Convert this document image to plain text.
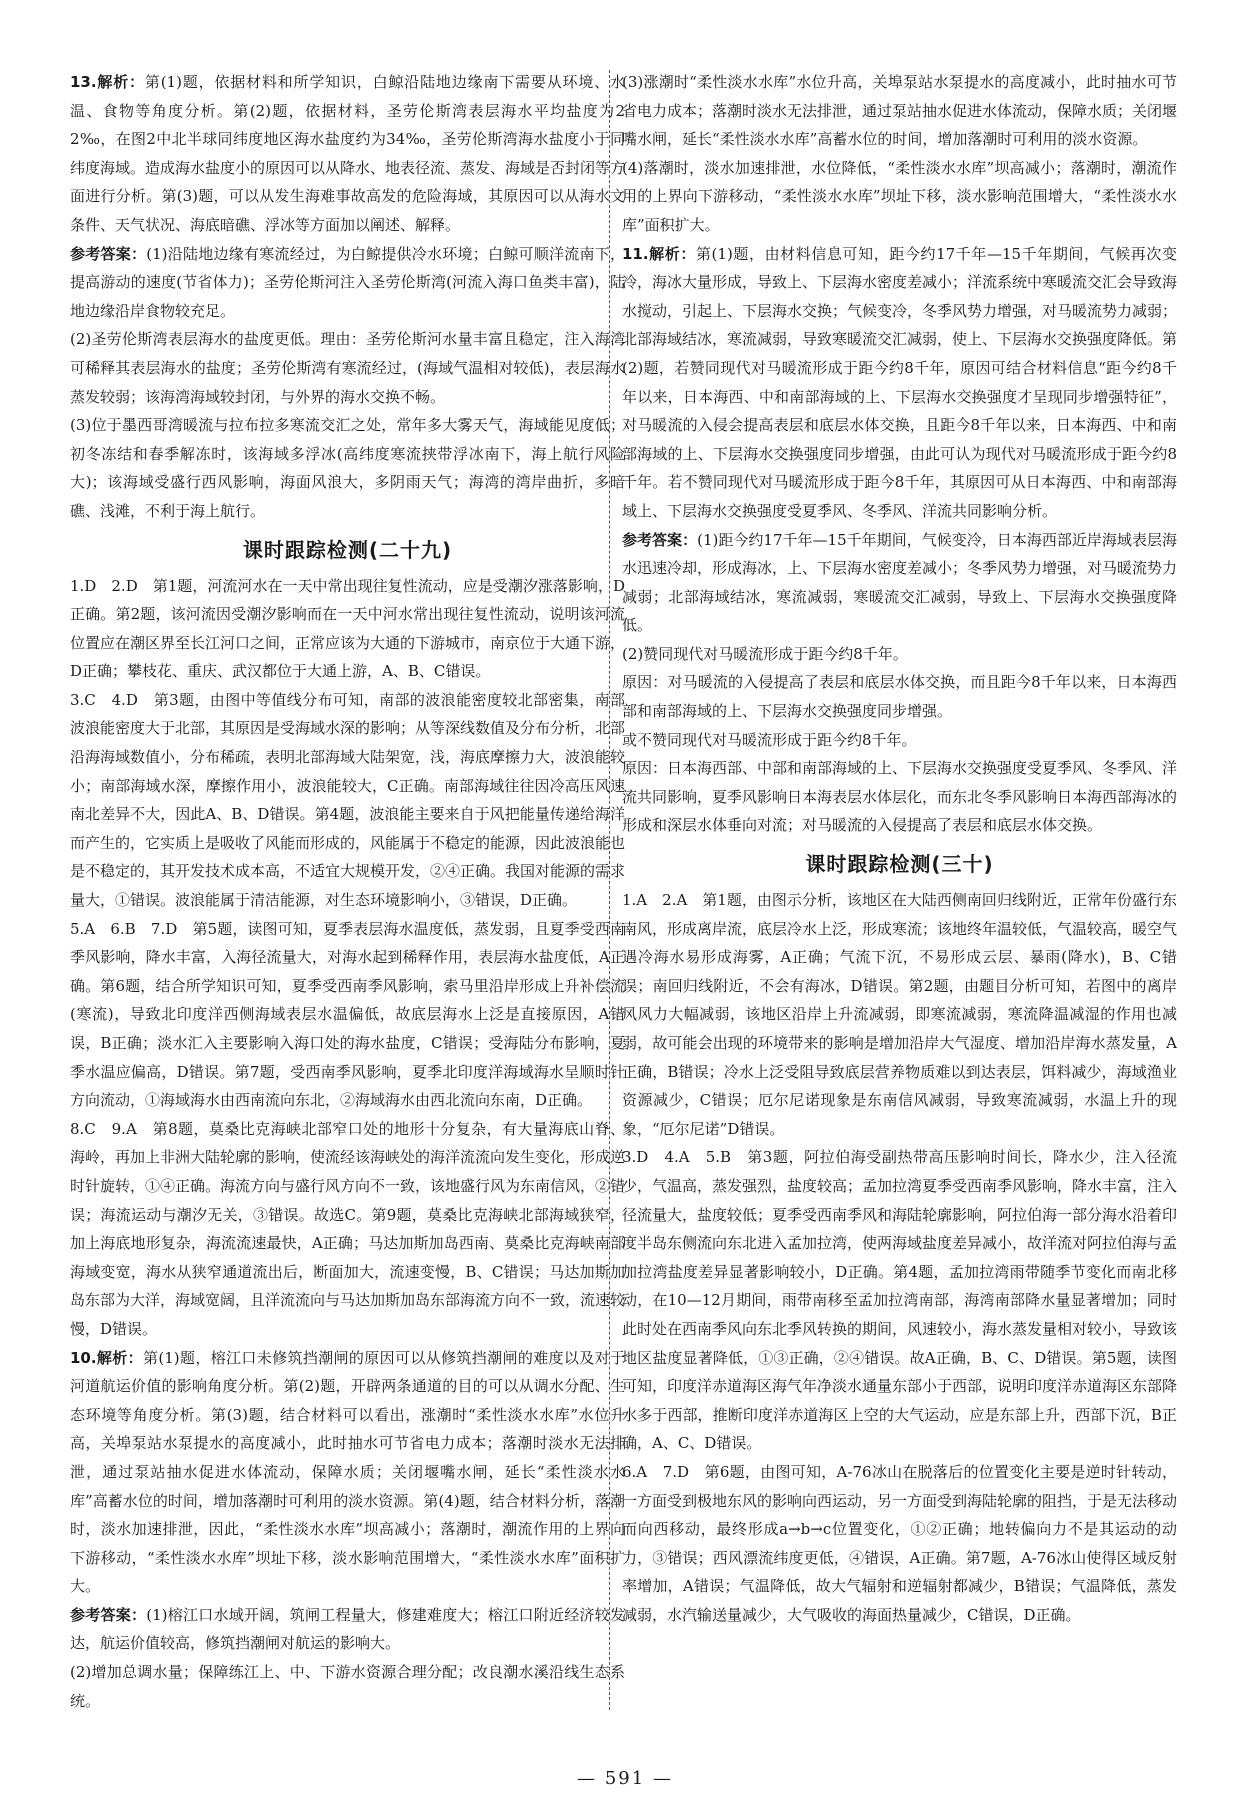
13.解析：第(1)题，依据材料和所学知识，白鲸沿陆地边缘南下需要从环境、水温、食物等角度分析。第(2)题，依据材料，圣劳伦斯湾表层海水平均盐度为22‰，在图2中北半球同纬度地区海水盐度约为34‰，圣劳伦斯湾海水盐度小于同纬度海域。造成海水盐度小的原因可以从降水、地表径流、蒸发、海域是否封闭等方面进行分析。第(3)题，可以从发生海难事故高发的危险海域，其原因可以从海水文条件、天气状况、海底暗礁、浮冰等方面加以阐述、解释。

参考答案：(1)沿陆地边缘有寒流经过，为白鲸提供冷水环境；白鲸可顺洋流南下，提高游动的速度(节省体力)；圣劳伦斯河注入圣劳伦斯湾(河流入海口鱼类丰富)，陆地边缘沿岸食物较充足。

(2)圣劳伦斯湾表层海水的盐度更低。理由：圣劳伦斯河水量丰富且稳定，注入海湾可稀释其表层海水的盐度；圣劳伦斯湾有寒流经过，(海域气温相对较低)，表层海水蒸发较弱；该海湾海域较封闭，与外界的海水交换不畅。

(3)位于墨西哥湾暖流与拉布拉多寒流交汇之处，常年多大雾天气，海域能见度低；初冬冻结和春季解冻时，该海域多浮冰(高纬度寒流挟带浮冰南下，海上航行风险大)；该海域受盛行西风影响，海面风浪大，多阴雨天气；海湾的湾岸曲折，多暗礁、浅滩，不利于海上航行。

课时跟踪检测(二十九)

1.D　2.D　第1题，河流河水在一天中常出现往复性流动，应是受潮汐涨落影响，D正确。第2题，该河流因受潮汐影响而在一天中河水常出现往复性流动，说明该河流位置应在潮区界至长江河口之间，正常应该为大通的下游城市，南京位于大通下游，D正确；攀枝花、重庆、武汉都位于大通上游，A、B、C错误。

3.C　4.D　第3题，由图中等值线分布可知，南部的波浪能密度较北部密集，南部波浪能密度大于北部，其原因是受海域水深的影响；从等深线数值及分布分析，北部沿海海域数值小，分布稀疏，表明北部海域大陆架宽，浅，海底摩擦力大，波浪能较小；南部海域水深，摩擦作用小，波浪能较大，C正确。南部海域往往因冷高压风速南北差异不大，因此A、B、D错误。第4题，波浪能主要来自于风把能量传递给海洋而产生的，它实质上是吸收了风能而形成的，风能属于不稳定的能源，因此波浪能也是不稳定的，其开发技术成本高，不适宜大规模开发，②④正确。我国对能源的需求量大，①错误。波浪能属于清洁能源，对生态环境影响小，③错误，D正确。

5.A　6.B　7.D　第5题，读图可知，夏季表层海水温度低，蒸发弱，且夏季受西南季风影响，降水丰富，入海径流量大，对海水起到稀释作用，表层海水盐度低，A正确。第6题，结合所学知识可知，夏季受西南季风影响，索马里沿岸形成上升补偿流(寒流)，导致北印度洋西侧海域表层水温偏低，故底层海水上泛是直接原因，A错误，B正确；淡水汇入主要影响入海口处的海水盐度，C错误；受海陆分布影响，夏季水温应偏高，D错误。第7题，受西南季风影响，夏季北印度洋海域海水呈顺时针方向流动，①海域海水由西南流向东北，②海域海水由西北流向东南，D正确。

8.C　9.A　第8题，莫桑比克海峡北部窄口处的地形十分复杂，有大量海底山脊、海岭，再加上非洲大陆轮廓的影响，使流经该海峡处的海洋流流向发生变化，形成逆时针旋转，①④正确。海流方向与盛行风方向不一致，该地盛行风为东南信风，②错误；海流运动与潮汐无关，③错误。故选C。第9题，莫桑比克海峡北部海域狭窄，加上海底地形复杂，海流流速最快，A正确；马达加斯加岛西南、莫桑比克海峡南部海域变宽，海水从狭窄通道流出后，断面加大，流速变慢，B、C错误；马达加斯加岛东部为大洋，海域宽阔，且洋流流向与马达加斯加岛东部海流方向不一致，流速较慢，D错误。

10.解析：第(1)题，榕江口未修筑挡潮闸的原因可以从修筑挡潮闸的难度以及对于河道航运价值的影响角度分析。第(2)题，开辟两条通道的目的可以从调水分配、生态环境等角度分析。第(3)题，结合材料可以看出，涨潮时“柔性淡水水库”水位升高，关埠泵站水泵提水的高度减小，此时抽水可节省电力成本；落潮时淡水无法排泄，通过泵站抽水促进水体流动，保障水质；关闭堰嘴水闸，延长“柔性淡水水库”高蓄水位的时间，增加落潮时可利用的淡水资源。第(4)题，结合材料分析，落潮时，淡水加速排泄，因此，“柔性淡水水库”坝高减小；落潮时，潮流作用的上界向下游移动，“柔性淡水水库”坝址下移，淡水影响范围增大，“柔性淡水水库”面积扩大。

参考答案：(1)榕江口水域开阔，筑闸工程量大，修建难度大；榕江口附近经济较发达，航运价值较高，修筑挡潮闸对航运的影响大。

(2)增加总调水量；保障练江上、中、下游水资源合理分配；改良潮水溪沿线生态系统。

(3)涨潮时“柔性淡水水库”水位升高，关埠泵站水泵提水的高度减小，此时抽水可节省电力成本；落潮时淡水无法排泄，通过泵站抽水促进水体流动，保障水质；关闭堰嘴水闸，延长“柔性淡水水库”高蓄水位的时间，增加落潮时可利用的淡水资源。

(4)落潮时，淡水加速排泄，水位降低，“柔性淡水水库”坝高减小；落潮时，潮流作用的上界向下游移动，“柔性淡水水库”坝址下移，淡水影响范围增大，“柔性淡水水库”面积扩大。

11.解析：第(1)题，由材料信息可知，距今约17千年—15千年期间，气候再次变冷，海冰大量形成，导致上、下层海水密度差减小；洋流系统中寒暖流交汇会导致海水搅动，引起上、下层海水交换；气候变冷，冬季风势力增强，对马暖流势力减弱；北部海域结冰，寒流减弱，导致寒暖流交汇减弱，使上、下层海水交换强度降低。第(2)题，若赞同现代对马暖流形成于距今约8千年，原因可结合材料信息“距今约8千年以来，日本海西、中和南部海域的上、下层海水交换强度才呈现同步增强特征”，对马暖流的入侵会提高表层和底层水体交换，且距今8千年以来，日本海西、中和南部海域的上、下层海水交换强度同步增强，由此可认为现代对马暖流形成于距今约8千年。若不赞同现代对马暖流形成于距今8千年，其原因可从日本海西、中和南部海域上、下层海水交换强度受夏季风、冬季风、洋流共同影响分析。

参考答案：(1)距今约17千年—15千年期间，气候变冷，日本海西部近岸海域表层海水迅速冷却，形成海冰，上、下层海水密度差减小；冬季风势力增强，对马暖流势力减弱；北部海域结冰，寒流减弱，寒暖流交汇减弱，导致上、下层海水交换强度降低。

(2)赞同现代对马暖流形成于距今约8千年。

原因：对马暖流的入侵提高了表层和底层水体交换，而且距今8千年以来，日本海西部和南部海域的上、下层海水交换强度同步增强。

或不赞同现代对马暖流形成于距今约8千年。

原因：日本海西部、中部和南部海域的上、下层海水交换强度受夏季风、冬季风、洋流共同影响，夏季风影响日本海表层水体层化，而东北冬季风影响日本海西部海冰的形成和深层水体垂向对流；对马暖流的入侵提高了表层和底层水体交换。

课时跟踪检测(三十)

1.A　2.A　第1题，由图示分析，该地区在大陆西侧南回归线附近，正常年份盛行东南风，形成离岸流，底层冷水上泛，形成寒流；该地终年温较低，气温较高，暖空气遇冷海水易形成海雾，A正确；气流下沉，不易形成云层、暴雨(降水)，B、C错误；南回归线附近，不会有海冰，D错误。第2题，由题目分析可知，若图中的离岸风风力大幅减弱，该地区沿岸上升流减弱，即寒流减弱，寒流降温减湿的作用也减弱，故可能会出现的环境带来的影响是增加沿岸大气湿度、增加沿岸海水蒸发量，A正确，B错误；冷水上泛受阻导致底层营养物质难以到达表层，饵料减少，海域渔业资源减少，C错误；厄尔尼诺现象是东南信风减弱，导致寒流减弱，水温上升的现象，“厄尔尼诺”D错误。

3.D　4.A　5.B　第3题，阿拉伯海受副热带高压影响时间长，降水少，注入径流少，气温高，蒸发强烈，盐度较高；孟加拉湾夏季受西南季风影响，降水丰富，注入径流量大，盐度较低；夏季受西南季风和海陆轮廓影响，阿拉伯海一部分海水沿着印度半岛东侧流向东北进入孟加拉湾，使两海域盐度差异减小，故洋流对阿拉伯海与孟加拉湾盐度差异显著影响较小，D正确。第4题，孟加拉湾雨带随季节变化而南北移动，在10—12月期间，雨带南移至孟加拉湾南部，海湾南部降水量显著增加；同时此时处在西南季风向东北季风转换的期间，风速较小，海水蒸发量相对较小，导致该地区盐度显著降低，①③正确，②④错误。故A正确，B、C、D错误。第5题，读图可知，印度洋赤道海区海气年净淡水通量东部小于西部，说明印度洋赤道海区东部降水多于西部，推断印度洋赤道海区上空的大气运动，应是东部上升，西部下沉，B正确，A、C、D错误。

6.A　7.D　第6题，由图可知，A-76冰山在脱落后的位置变化主要是逆时针转动，一方面受到极地东风的影响向西运动，另一方面受到海陆轮廓的阻挡，于是无法移动而向西移动，最终形成a→b→c位置变化，①②正确；地转偏向力不是其运动的动力，③错误；西风漂流纬度更低，④错误，A正确。第7题，A-76冰山使得区域反射率增加，A错误；气温降低，故大气辐射和逆辐射都减少，B错误；气温降低，蒸发减弱，水汽输送量减少，大气吸收的海面热量减少，C错误，D正确。

— 591 —
